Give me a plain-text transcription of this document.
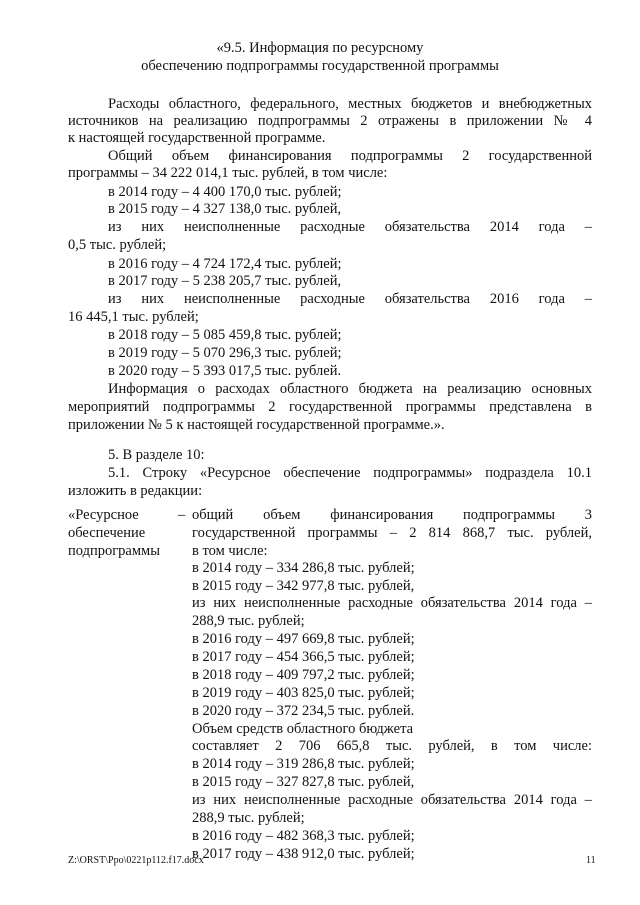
«9.5. Информация по ресурсному
обеспечению подпрограммы государственной программы
Расходы областного, федерального, местных бюджетов и внебюджетных
источников на реализацию подпрограммы 2 отражены в приложении № 4
к настоящей государственной программе.
Общий объем финансирования подпрограммы 2 государственной
программы – 34 222 014,1 тыс. рублей, в том числе:
в 2014 году – 4 400 170,0 тыс. рублей;
в 2015 году – 4 327 138,0 тыс. рублей,
из них неисполненные расходные обязательства 2014 года –
0,5 тыс. рублей;
в 2016 году – 4 724 172,4 тыс. рублей;
в 2017 году – 5 238 205,7 тыс. рублей,
из них неисполненные расходные обязательства 2016 года –
16 445,1 тыс. рублей;
в 2018 году – 5 085 459,8 тыс. рублей;
в 2019 году – 5 070 296,3 тыс. рублей;
в 2020 году – 5 393 017,5 тыс. рублей.
Информация о расходах областного бюджета на реализацию основных
мероприятий подпрограммы 2 государственной программы представлена в
приложении № 5 к настоящей государственной программе.».
5. В разделе 10:
5.1. Строку «Ресурсное обеспечение подпрограммы» подраздела 10.1
изложить в редакции:
«Ресурсное
обеспечение
подпрограммы
– общий объем финансирования подпрограммы 3
государственной программы – 2 814 868,7 тыс. рублей,
в том числе:
в 2014 году – 334 286,8 тыс. рублей;
в 2015 году – 342 977,8 тыс. рублей,
из них неисполненные расходные обязательства 2014 года –
288,9 тыс. рублей;
в 2016 году – 497 669,8 тыс. рублей;
в 2017 году – 454 366,5 тыс. рублей;
в 2018 году – 409 797,2 тыс. рублей;
в 2019 году – 403 825,0 тыс. рублей;
в 2020 году – 372 234,5 тыс. рублей.
Объем средств областного бюджета
составляет 2 706 665,8 тыс. рублей, в том числе:
в 2014 году – 319 286,8 тыс. рублей;
в 2015 году – 327 827,8 тыс. рублей,
из них неисполненные расходные обязательства 2014 года –
288,9 тыс. рублей;
в 2016 году – 482 368,3 тыс. рублей;
в 2017 году – 438 912,0 тыс. рублей;
Z:\ORST\Ppo\0221p112.f17.docx	11
